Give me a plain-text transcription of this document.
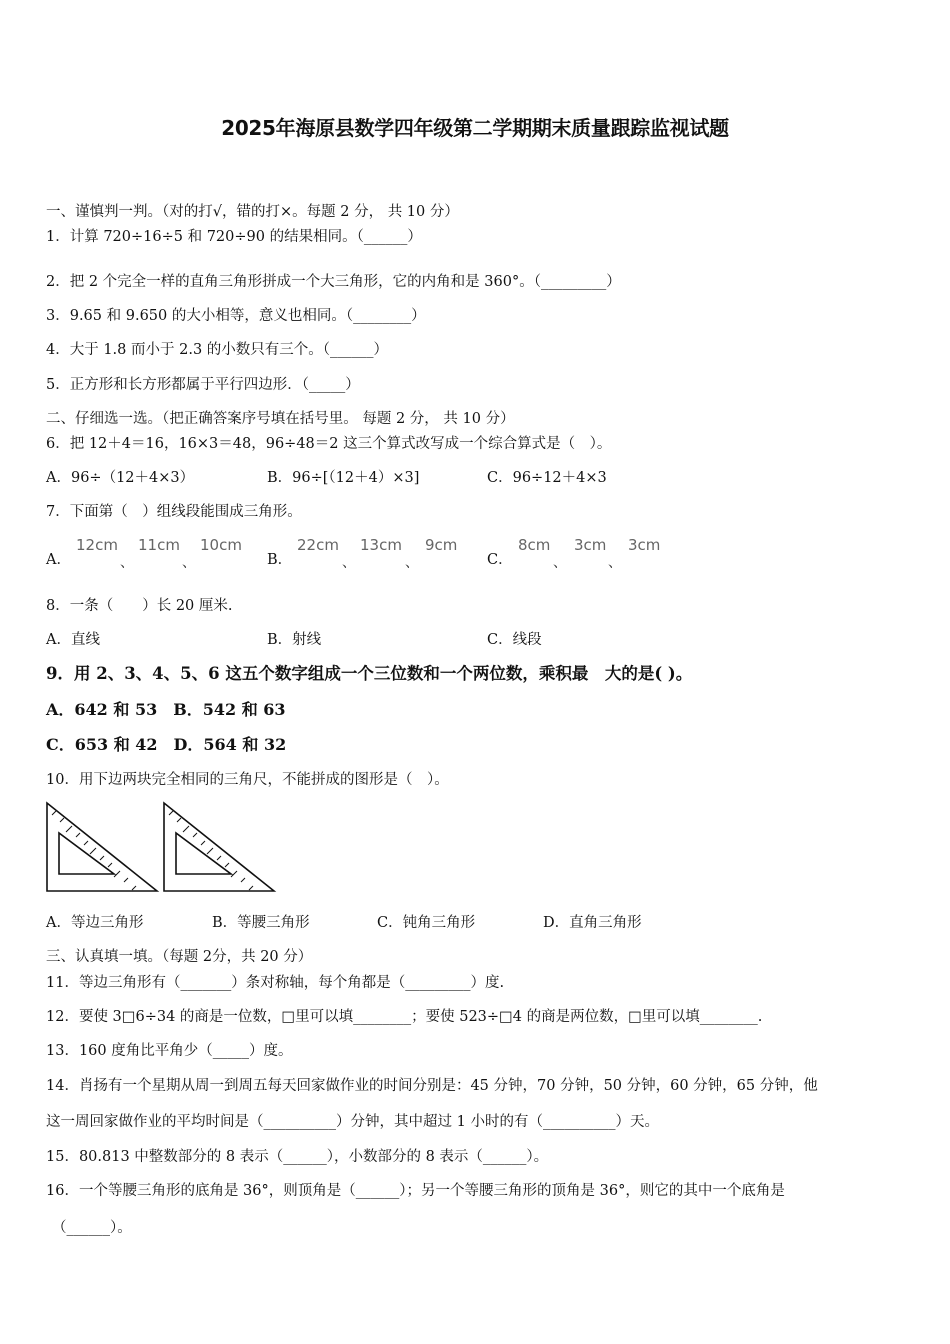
2025年海原县数学四年级第二学期期末质量跟踪监视试题
一、谨慎判一判。（对的打√，错的打×。每题 2 分， 共 10 分）
1．计算 720÷16÷5 和 720÷90 的结果相同。（______）
2．把 2 个完全一样的直角三角形拼成一个大三角形，它的内角和是 360°。（_________）
3．9.65 和 9.650 的大小相等，意义也相同。（________）
4．大于 1.8 而小于 2.3 的小数只有三个。（______）
5．正方形和长方形都属于平行四边形．（_____）
二、仔细选一选。（把正确答案序号填在括号里。 每题 2 分， 共 10 分）
6．把 12＋4＝16，16×3＝48，96÷48＝2 这三个算式改写成一个综合算式是（　）。
A．96÷（12＋4×3）	B．96÷[（12＋4）×3]	C．96÷12＋4×3
7．下面第（　）组线段能围成三角形。
A．
12cm
、
11cm
、
10cm
B．
22cm
、
13cm
、
9cm
C．
8cm
、
3cm
、
3cm
8．一条（　　）长 20 厘米.
A．直线	B．射线	C．线段
9．用 2、3、4、5、6 这五个数字组成一个三位数和一个两位数，乘积最　大的是( )。
A．642 和 53　B．542 和 63
C．653 和 42　D．564 和 32
10．用下边两块完全相同的三角尺，不能拼成的图形是（　）。
A．等边三角形	B．等腰三角形	C．钝角三角形	D．直角三角形
三、认真填一填。（每题 2分，共 20 分）
11．等边三角形有（_______）条对称轴，每个角都是（_________）度.
12．要使 3□6÷34 的商是一位数，□里可以填________；要使 523÷□4 的商是两位数，□里可以填________.
13．160 度角比平角少（_____）度。
14．肖扬有一个星期从周一到周五每天回家做作业的时间分别是：45 分钟，70 分钟，50 分钟，60 分钟，65 分钟，他
这一周回家做作业的平均时间是（__________）分钟，其中超过 1 小时的有（__________）天。
15．80.813 中整数部分的 8 表示（______），小数部分的 8 表示（______）。
16．一个等腰三角形的底角是 36°，则顶角是（______）；另一个等腰三角形的顶角是 36°，则它的其中一个底角是
（______）。
